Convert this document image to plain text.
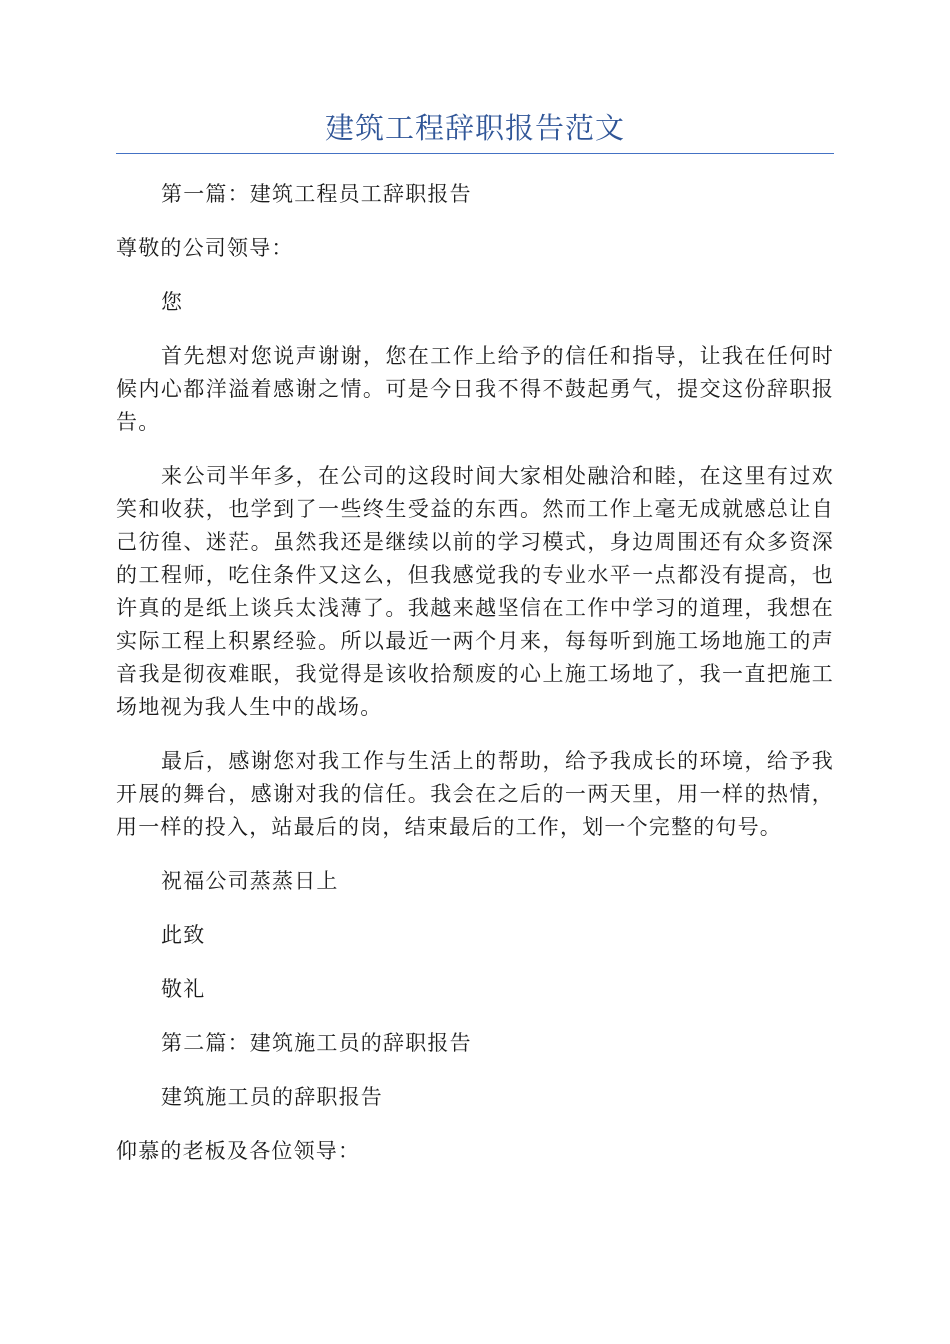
建筑工程辞职报告范文

第一篇：建筑工程员工辞职报告

尊敬的公司领导：

您

首先想对您说声谢谢，您在工作上给予的信任和指导，让我在任何时候内心都洋溢着感谢之情。可是今日我不得不鼓起勇气，提交这份辞职报告。

来公司半年多，在公司的这段时间大家相处融洽和睦，在这里有过欢笑和收获，也学到了一些终生受益的东西。然而工作上毫无成就感总让自己彷徨、迷茫。虽然我还是继续以前的学习模式，身边周围还有众多资深的工程师，吃住条件又这么，但我感觉我的专业水平一点都没有提高，也许真的是纸上谈兵太浅薄了。我越来越坚信在工作中学习的道理，我想在实际工程上积累经验。所以最近一两个月来，每每听到施工场地施工的声音我是彻夜难眠，我觉得是该收拾颓废的心上施工场地了，我一直把施工场地视为我人生中的战场。

最后，感谢您对我工作与生活上的帮助，给予我成长的环境，给予我开展的舞台，感谢对我的信任。我会在之后的一两天里，用一样的热情，用一样的投入，站最后的岗，结束最后的工作，划一个完整的句号。

祝福公司蒸蒸日上

此致

敬礼

第二篇：建筑施工员的辞职报告

建筑施工员的辞职报告

仰慕的老板及各位领导：
